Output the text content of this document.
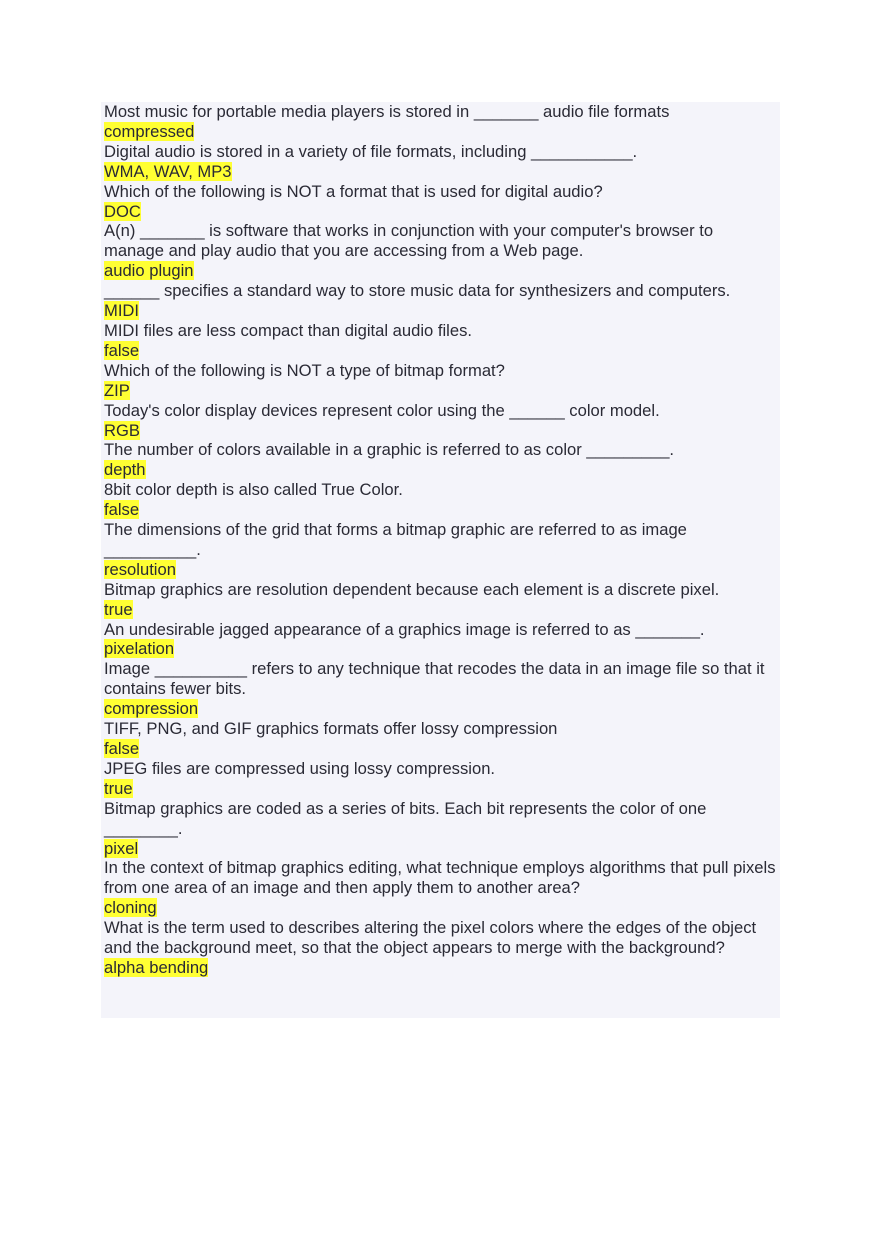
Most music for portable media players is stored in _______ audio file formats
compressed
Digital audio is stored in a variety of file formats, including ___________.
WMA, WAV, MP3
Which of the following is NOT a format that is used for digital audio?
DOC
A(n) _______ is software that works in conjunction with your computer's browser to manage and play audio that you are accessing from a Web page.
audio plugin
______ specifies a standard way to store music data for synthesizers and computers.
MIDI
MIDI files are less compact than digital audio files.
false
Which of the following is NOT a type of bitmap format?
ZIP
Today's color display devices represent color using the ______ color model.
RGB
The number of colors available in a graphic is referred to as color _________.
depth
8bit color depth is also called True Color.
false
The dimensions of the grid that forms a bitmap graphic are referred to as image __________.
resolution
Bitmap graphics are resolution dependent because each element is a discrete pixel.
true
An undesirable jagged appearance of a graphics image is referred to as _______.
pixelation
Image __________ refers to any technique that recodes the data in an image file so that it contains fewer bits.
compression
TIFF, PNG, and GIF graphics formats offer lossy compression
false
JPEG files are compressed using lossy compression.
true
Bitmap graphics are coded as a series of bits. Each bit represents the color of one ________.
pixel
In the context of bitmap graphics editing, what technique employs algorithms that pull pixels from one area of an image and then apply them to another area?
cloning
What is the term used to describes altering the pixel colors where the edges of the object and the background meet, so that the object appears to merge with the background?
alpha bending
